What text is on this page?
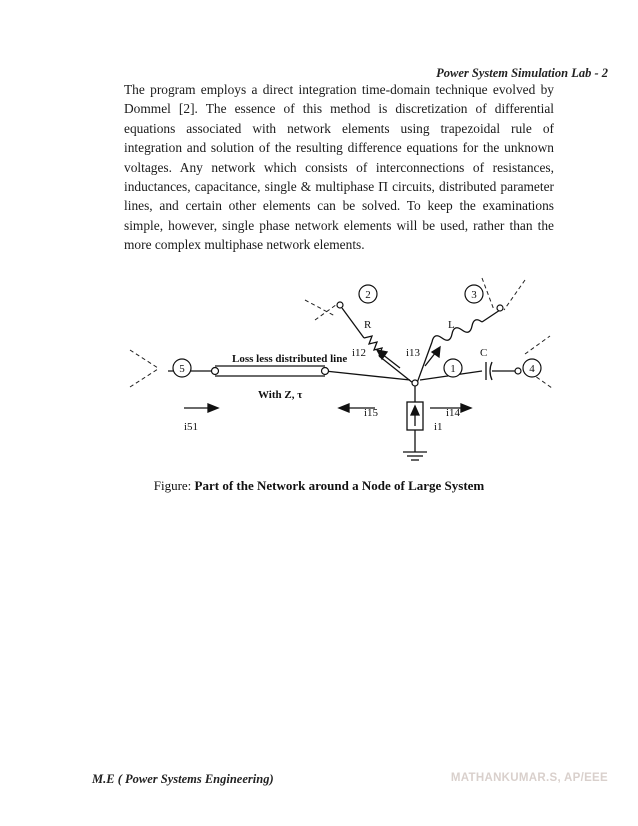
Power System Simulation Lab - 2
The program employs a direct integration time-domain technique evolved by Dommel [2]. The essence of this method is discretization of differential equations associated with network elements using trapezoidal rule of integration and solution of the resulting difference equations for the unknown voltages. Any network which consists of interconnections of resistances, inductances, capacitance, single & multiphase Π circuits, distributed parameter lines, and certain other elements can be solved. To keep the examinations simple, however, single phase network elements will be used, rather than the more complex multiphase network elements.
2	3
5	1	4
R	L
C
Loss less distributed line
With Z, τ
i12	i13
i15	i14
i1
i51
Figure: Part of the Network around a Node of Large System
M.E ( Power Systems Engineering)	MATHANKUMAR.S, AP/EEE
